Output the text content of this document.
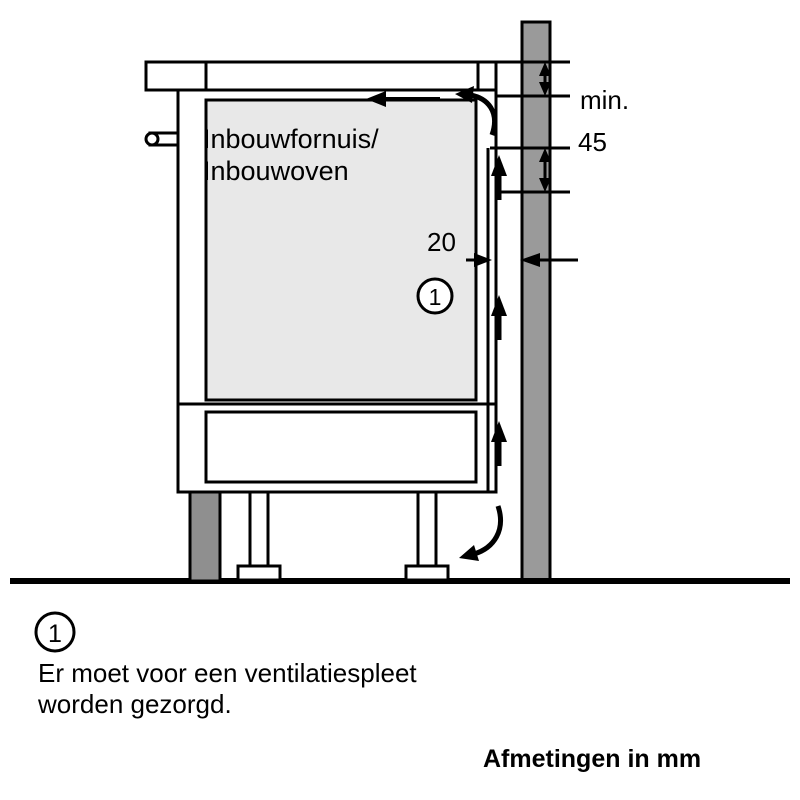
1
1
Inbouwfornuis/
Inbouwoven
min.
45
20
Er moet voor een ventilatiespleet
worden gezorgd.
Afmetingen in mm
